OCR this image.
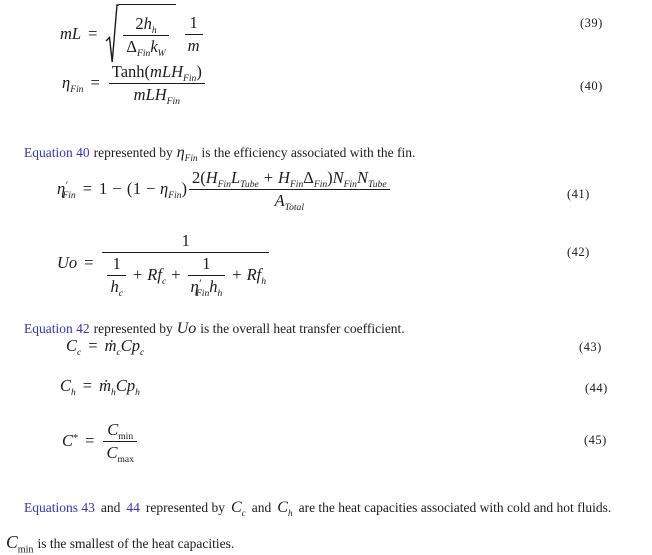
mL = $\frac{2h_h}{\Delta_{Fin}k_W} \frac{1}{m}$	(39)
$\eta_{Fin} = \frac{Tanh(mLH_{Fin})}{mLH_{Fin}}$	(40)

Equation 40 represented by $\eta_{Fin}$ is the efficiency associated with the fin.

$\eta'_{Fin} = 1 - (1 - \eta_{Fin}$ ) $\frac{2(H_{Fin}L_{Tube} + H_{Fin}\Delta_{Fin})N_{Fin}N_{Tube}}{A_{Total}}$	(41)
Uo =
1
$\frac{1}{h_c} + Rf_c + \frac{1}{\eta'_{Fin}h_h} + Rf_h$
(42)

Equation 42 represented by Uo is the overall heat transfer coefficient.

$C_c$ = ṁ$_c$ $Cp_c$	(43)
$C_h$ = ṁ$_h$ $Cp_h$	(44)
$C^* = \frac{C_{min}}{C_{max}}$	(45)

Equations 43 and 44 represented by $C_c$ and $C_h$ are the heat capacities associated with cold and hot fluids.

$C_{min}$ is the smallest of the heat capacities.
